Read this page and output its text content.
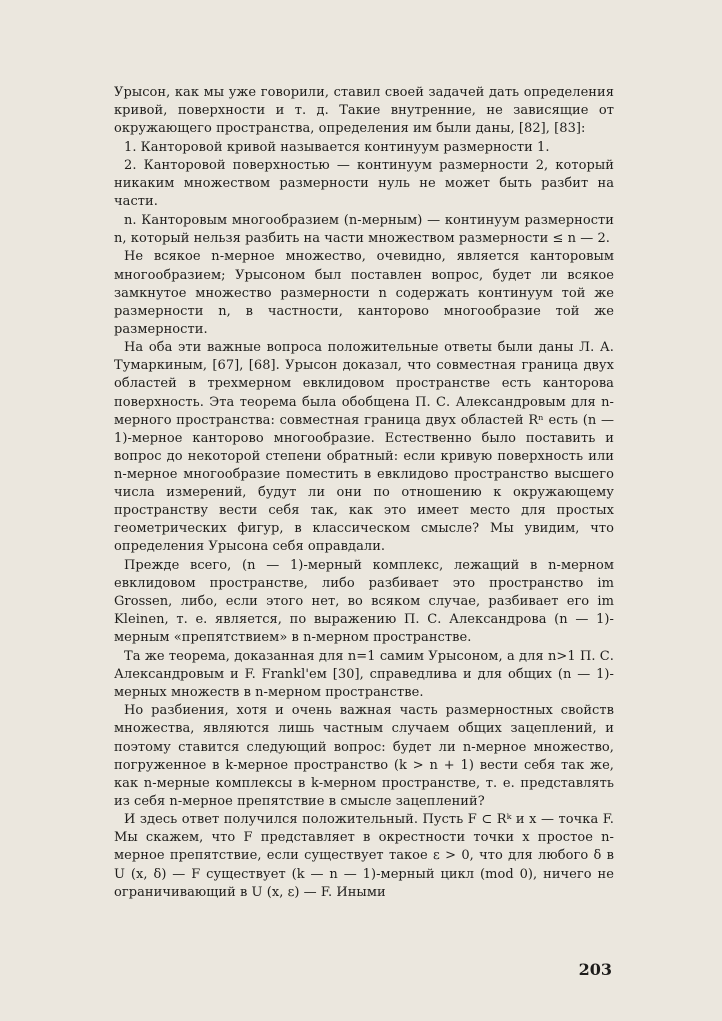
Урысон, как мы уже говорили, ставил своей задачей дать определения кривой, поверхности и т. д. Такие внутренние, не зависящие от окружающего пространства, определения им были даны, [82], [83]:

1. Канторовой кривой называется континуум размерности 1.

2. Канторовой поверхностью — континуум размерности 2, который никаким множеством размерности нуль не может быть разбит на части.

n. Канторовым многообразием (n-мерным) — континуум размерности n, который нельзя разбить на части множеством размерности ≤ n — 2.

Не всякое n-мерное множество, очевидно, является канторовым многообразием; Урысоном был поставлен вопрос, будет ли всякое замкнутое множество размерности n содержать континуум той же размерности n, в частности, канторово многообразие той же размерности.

На оба эти важные вопроса положительные ответы были даны Л. А. Тумаркиным, [67], [68]. Урысон доказал, что совместная граница двух областей в трехмерном евклидовом пространстве есть канторова поверхность. Эта теорема была обобщена П. С. Александровым для n-мерного пространства: совместная граница двух областей Rⁿ есть (n — 1)-мерное канторово многообразие. Естественно было поставить и вопрос до некоторой степени обратный: если кривую поверхность или n-мерное многообразие поместить в евклидово пространство высшего числа измерений, будут ли они по отношению к окружающему пространству вести себя так, как это имеет место для простых геометрических фигур, в классическом смысле? Мы увидим, что определения Урысона себя оправдали.

Прежде всего, (n — 1)-мерный комплекс, лежащий в n-мерном евклидовом пространстве, либо разбивает это пространство im Grossen, либо, если этого нет, во всяком случае, разбивает его im Kleinen, т. е. является, по выражению П. С. Александрова (n — 1)-мерным «препятствием» в n-мерном пространстве.

Та же теорема, доказанная для n=1 самим Урысоном, а для n>1 П. С. Александровым и F. Frankl'ем [30], справедлива и для общих (n — 1)-мерных множеств в n-мерном пространстве.

Но разбиения, хотя и очень важная часть размерностных свойств множества, являются лишь частным случаем общих зацеплений, и поэтому ставится следующий вопрос: будет ли n-мерное множество, погруженное в k-мерное пространство (k > n + 1) вести себя так же, как n-мерные комплексы в k-мерном пространстве, т. е. представлять из себя n-мерное препятствие в смысле зацеплений?

И здесь ответ получился положительный. Пусть F ⊂ Rᵏ и x — точка F. Мы скажем, что F представляет в окрестности точки x простое n-мерное препятствие, если существует такое ε > 0, что для любого δ в U (x, δ) — F существует (k — n — 1)-мерный цикл (mod 0), ничего не ограничивающий в U (x, ε) — F. Иными

203
